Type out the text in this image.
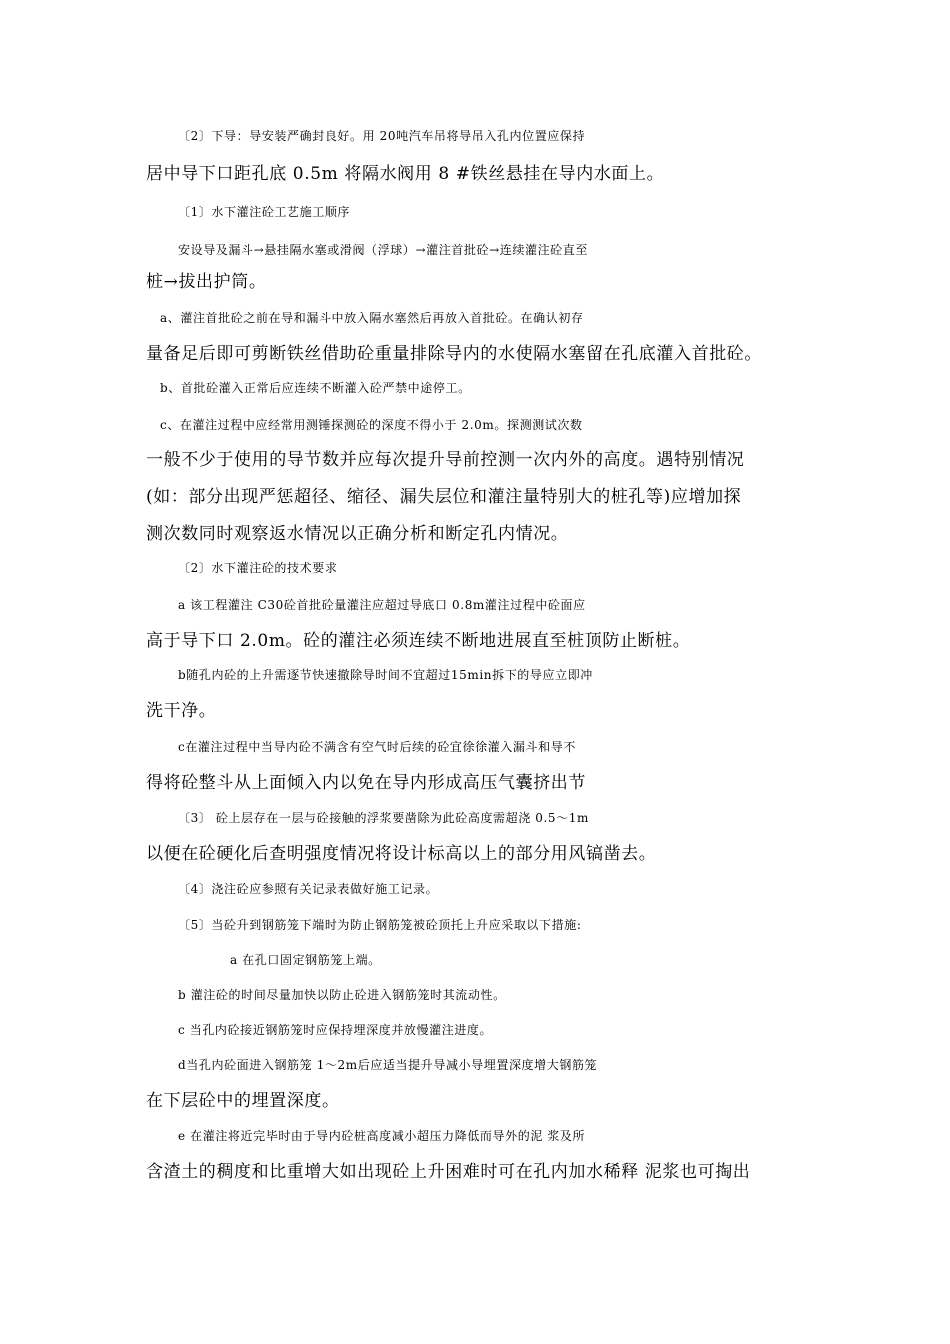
〔2〕下导：导安装严确封良好。用 20吨汽车吊将导吊入孔内位置应保持
居中导下口距孔底 0.5m 将隔水阀用 8 #铁丝悬挂在导内水面上。
〔1〕水下灌注砼工艺施工顺序
安设导及漏斗→悬挂隔水塞或滑阀（浮球）→灌注首批砼→连续灌注砼直至
桩→拔出护筒。
a、灌注首批砼之前在导和漏斗中放入隔水塞然后再放入首批砼。在确认初存
量备足后即可剪断铁丝借助砼重量排除导内的水使隔水塞留在孔底灌入首批砼。
b、首批砼灌入正常后应连续不断灌入砼严禁中途停工。
c、在灌注过程中应经常用测锤探测砼的深度不得小于 2.0m。探测测试次数
一般不少于使用的导节数并应每次提升导前控测一次内外的高度。遇特别情况
(如：部分出现严惩超径、缩径、漏失层位和灌注量特别大的桩孔等)应增加探
测次数同时观察返水情况以正确分析和断定孔内情况。
〔2〕水下灌注砼的技术要求
a 该工程灌注 C30砼首批砼量灌注应超过导底口 0.8m灌注过程中砼面应
高于导下口 2.0m。砼的灌注必须连续不断地进展直至桩顶防止断桩。
b随孔内砼的上升需逐节快速撤除导时间不宜超过15min拆下的导应立即冲
洗干净。
c在灌注过程中当导内砼不满含有空气时后续的砼宜徐徐灌入漏斗和导不
得将砼整斗从上面倾入内以免在导内形成高压气囊挤出节
〔3〕 砼上层存在一层与砼接触的浮浆要凿除为此砼高度需超浇 0.5～1m
以便在砼硬化后查明强度情况将设计标高以上的部分用风镐凿去。
〔4〕浇注砼应参照有关记录表做好施工记录。
〔5〕当砼升到钢筋笼下端时为防止钢筋笼被砼顶托上升应采取以下措施:
a 在孔口固定钢筋笼上端。
b 灌注砼的时间尽量加快以防止砼进入钢筋笼时其流动性。
c 当孔内砼接近钢筋笼时应保持埋深度并放慢灌注进度。
d当孔内砼面进入钢筋笼 1～2m后应适当提升导减小导埋置深度增大钢筋笼
在下层砼中的埋置深度。
e 在灌注将近完毕时由于导内砼桩高度减小超压力降低而导外的泥 浆及所
含渣土的稠度和比重增大如出现砼上升困难时可在孔内加水稀释 泥浆也可掏出
